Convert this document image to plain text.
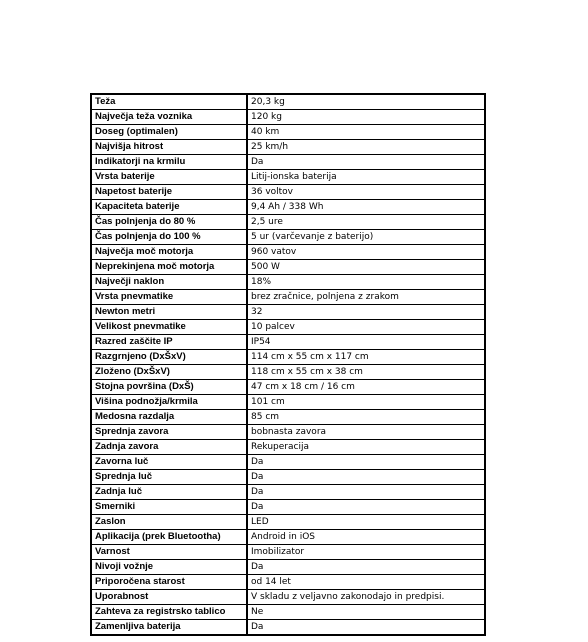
Teža	20,3 kg
Največja teža voznika	120 kg
Doseg (optimalen)	40 km
Najvišja hitrost	25 km/h
Indikatorji na krmilu	Da
Vrsta baterije	Litij-ionska baterija
Napetost baterije	36 voltov
Kapaciteta baterije	9,4 Ah / 338 Wh
Čas polnjenja do 80 %	2,5 ure
Čas polnjenja do 100 %	5 ur (varčevanje z baterijo)
Največja moč motorja	960 vatov
Neprekinjena moč motorja	500 W
Največji naklon	18%
Vrsta pnevmatike	brez zračnice, polnjena z zrakom
Newton metri	32
Velikost pnevmatike	10 palcev
Razred zaščite IP	IP54
Razgrnjeno (DxŠxV)	114 cm x 55 cm x 117 cm
Zloženo (DxŠxV)	118 cm x 55 cm x 38 cm
Stojna površina (DxŠ)	47 cm x 18 cm / 16 cm
Višina podnožja/krmila	101 cm
Medosna razdalja	85 cm
Sprednja zavora	bobnasta zavora
Zadnja zavora	Rekuperacija
Zavorna luč	Da
Sprednja luč	Da
Zadnja luč	Da
Smerniki	Da
Zaslon	LED
Aplikacija (prek Bluetootha)	Android in iOS
Varnost	Imobilizator
Nivoji vožnje	Da
Priporočena starost	od 14 let
Uporabnost	V skladu z veljavno zakonodajo in predpisi.
Zahteva za registrsko tablico	Ne
Zamenljiva baterija	Da
